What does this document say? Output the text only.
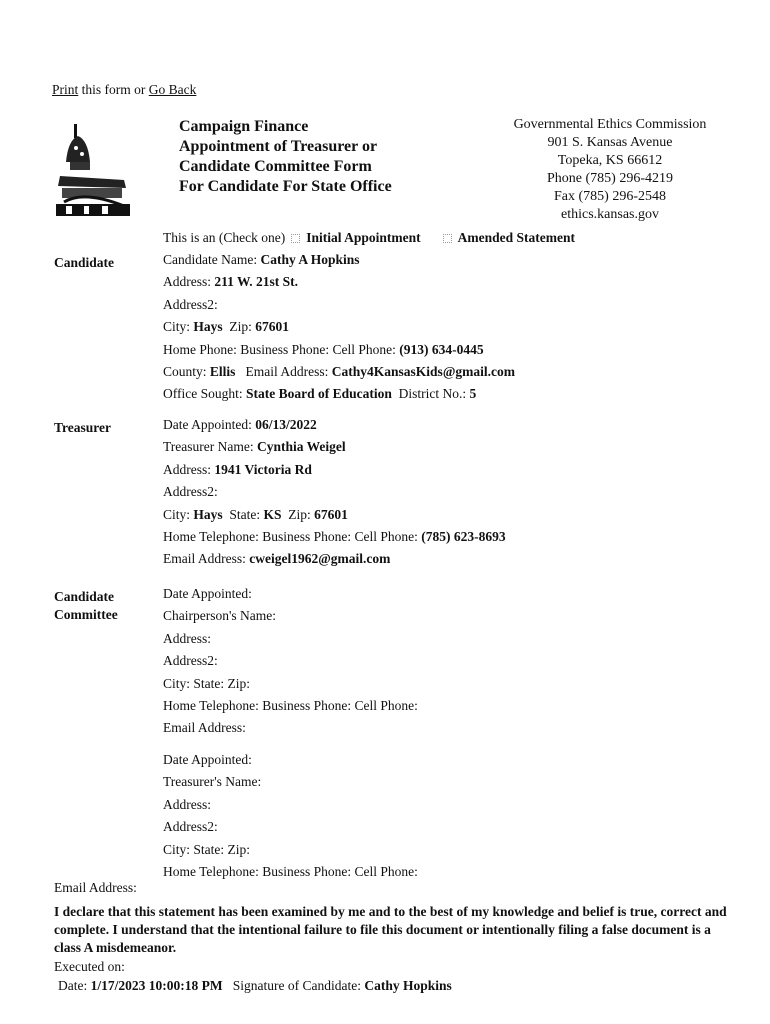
Print this form or Go Back
Campaign Finance
Appointment of Treasurer or
Candidate Committee Form
For Candidate For State Office
Governmental Ethics Commission
901 S. Kansas Avenue
Topeka, KS 66612
Phone (785) 296-4219
Fax (785) 296-2548
ethics.kansas.gov
This is an (Check one) Initial Appointment	Amended Statement
Candidate	Candidate Name: Cathy A Hopkins
Address: 211 W. 21st St.
Address2:
City: Hays Zip: 67601
Home Phone: Business Phone: Cell Phone: (913) 634-0445
County: Ellis Email Address: Cathy4KansasKids@gmail.com
Office Sought: State Board of Education District No.: 5
Treasurer	Date Appointed: 06/13/2022
Treasurer Name: Cynthia Weigel
Address: 1941 Victoria Rd
Address2:
City: Hays State: KS Zip: 67601
Home Telephone: Business Phone: Cell Phone: (785) 623-8693
Email Address: cweigel1962@gmail.com
Candidate
Committee
Date Appointed:
Chairperson's Name:
Address:
Address2:
City: State: Zip:
Home Telephone: Business Phone: Cell Phone:
Email Address:
Date Appointed:
Treasurer's Name:
Address:
Address2:
City: State: Zip:
Home Telephone: Business Phone: Cell Phone:
Email Address:
I declare that this statement has been examined by me and to the best of my knowledge and belief is true, correct and complete. I understand that the intentional failure to file this document or intentionally filing a false document is a class A misdemeanor.
Executed on:
Date: 1/17/2023 10:00:18 PM Signature of Candidate: Cathy Hopkins
